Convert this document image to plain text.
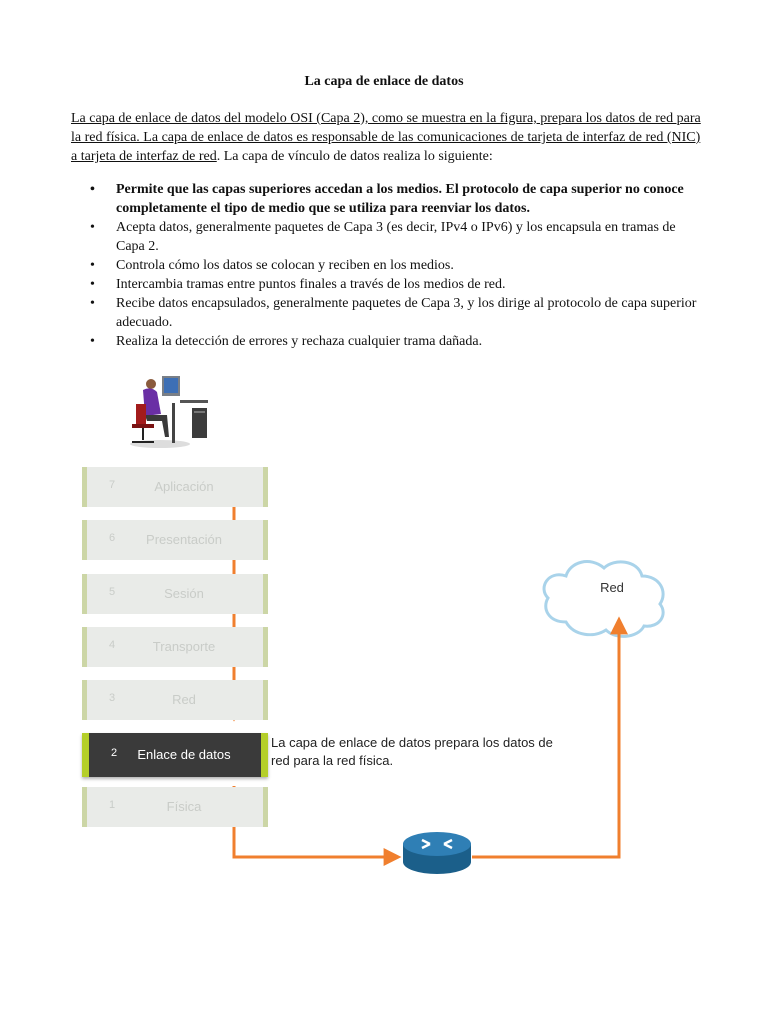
La capa de enlace de datos

La capa de enlace de datos del modelo OSI (Capa 2), como se muestra en la figura, prepara los datos de red para la red física. La capa de enlace de datos es responsable de las comunicaciones de tarjeta de interfaz de red (NIC) a tarjeta de interfaz de red. La capa de vínculo de datos realiza lo siguiente:

• Permite que las capas superiores accedan a los medios. El protocolo de capa superior no conoce completamente el tipo de medio que se utiliza para reenviar los datos.
• Acepta datos, generalmente paquetes de Capa 3 (es decir, IPv4 o IPv6) y los encapsula en tramas de Capa 2.
• Controla cómo los datos se colocan y reciben en los medios.
• Intercambia tramas entre puntos finales a través de los medios de red.
• Recibe datos encapsulados, generalmente paquetes de Capa 3, y los dirige al protocolo de capa superior adecuado.
• Realiza la detección de errores y rechaza cualquier trama dañada.
7	Aplicación
6	Presentación
5	Sesión
4	Transporte
3	Red
2	Enlace de datos
1	Física
La capa de enlace de datos prepara los datos de red para la red física.
Red
